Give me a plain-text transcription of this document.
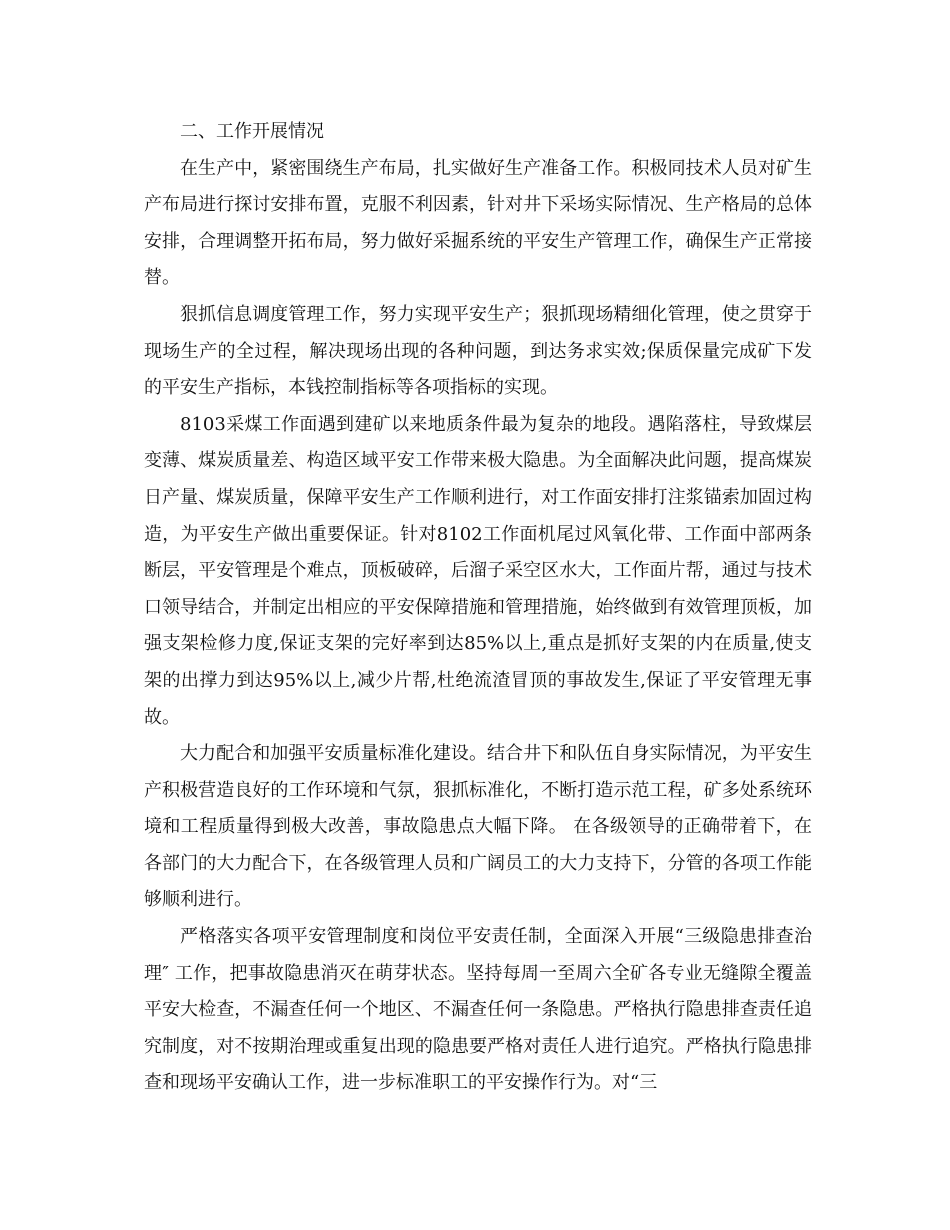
二、工作开展情况

在生产中，紧密围绕生产布局，扎实做好生产准备工作。积极同技术人员对矿生产布局进行探讨安排布置，克服不利因素，针对井下采场实际情况、生产格局的总体安排，合理调整开拓布局，努力做好采掘系统的平安生产管理工作，确保生产正常接替。

狠抓信息调度管理工作，努力实现平安生产；狠抓现场精细化管理，使之贯穿于现场生产的全过程，解决现场出现的各种问题，到达务求实效;保质保量完成矿下发的平安生产指标，本钱控制指标等各项指标的实现。

8103采煤工作面遇到建矿以来地质条件最为复杂的地段。遇陷落柱，导致煤层变薄、煤炭质量差、构造区域平安工作带来极大隐患。为全面解决此问题，提高煤炭日产量、煤炭质量，保障平安生产工作顺利进行，对工作面安排打注浆锚索加固过构造，为平安生产做出重要保证。针对8102工作面机尾过风氧化带、工作面中部两条断层，平安管理是个难点，顶板破碎，后溜子采空区水大，工作面片帮，通过与技术口领导结合，并制定出相应的平安保障措施和管理措施，始终做到有效管理顶板，加强支架检修力度,保证支架的完好率到达85%以上,重点是抓好支架的内在质量,使支架的出撑力到达95%以上,减少片帮,杜绝流渣冒顶的事故发生,保证了平安管理无事故。

大力配合和加强平安质量标准化建设。结合井下和队伍自身实际情况，为平安生产积极营造良好的工作环境和气氛，狠抓标准化，不断打造示范工程，矿多处系统环境和工程质量得到极大改善，事故隐患点大幅下降。 在各级领导的正确带着下，在各部门的大力配合下，在各级管理人员和广阔员工的大力支持下，分管的各项工作能够顺利进行。

严格落实各项平安管理制度和岗位平安责任制，全面深入开展“三级隐患排查治理″ 工作，把事故隐患消灭在萌芽状态。坚持每周一至周六全矿各专业无缝隙全覆盖平安大检查，不漏查任何一个地区、不漏查任何一条隐患。严格执行隐患排查责任追究制度，对不按期治理或重复出现的隐患要严格对责任人进行追究。严格执行隐患排查和现场平安确认工作，进一步标准职工的平安操作行为。对“三
